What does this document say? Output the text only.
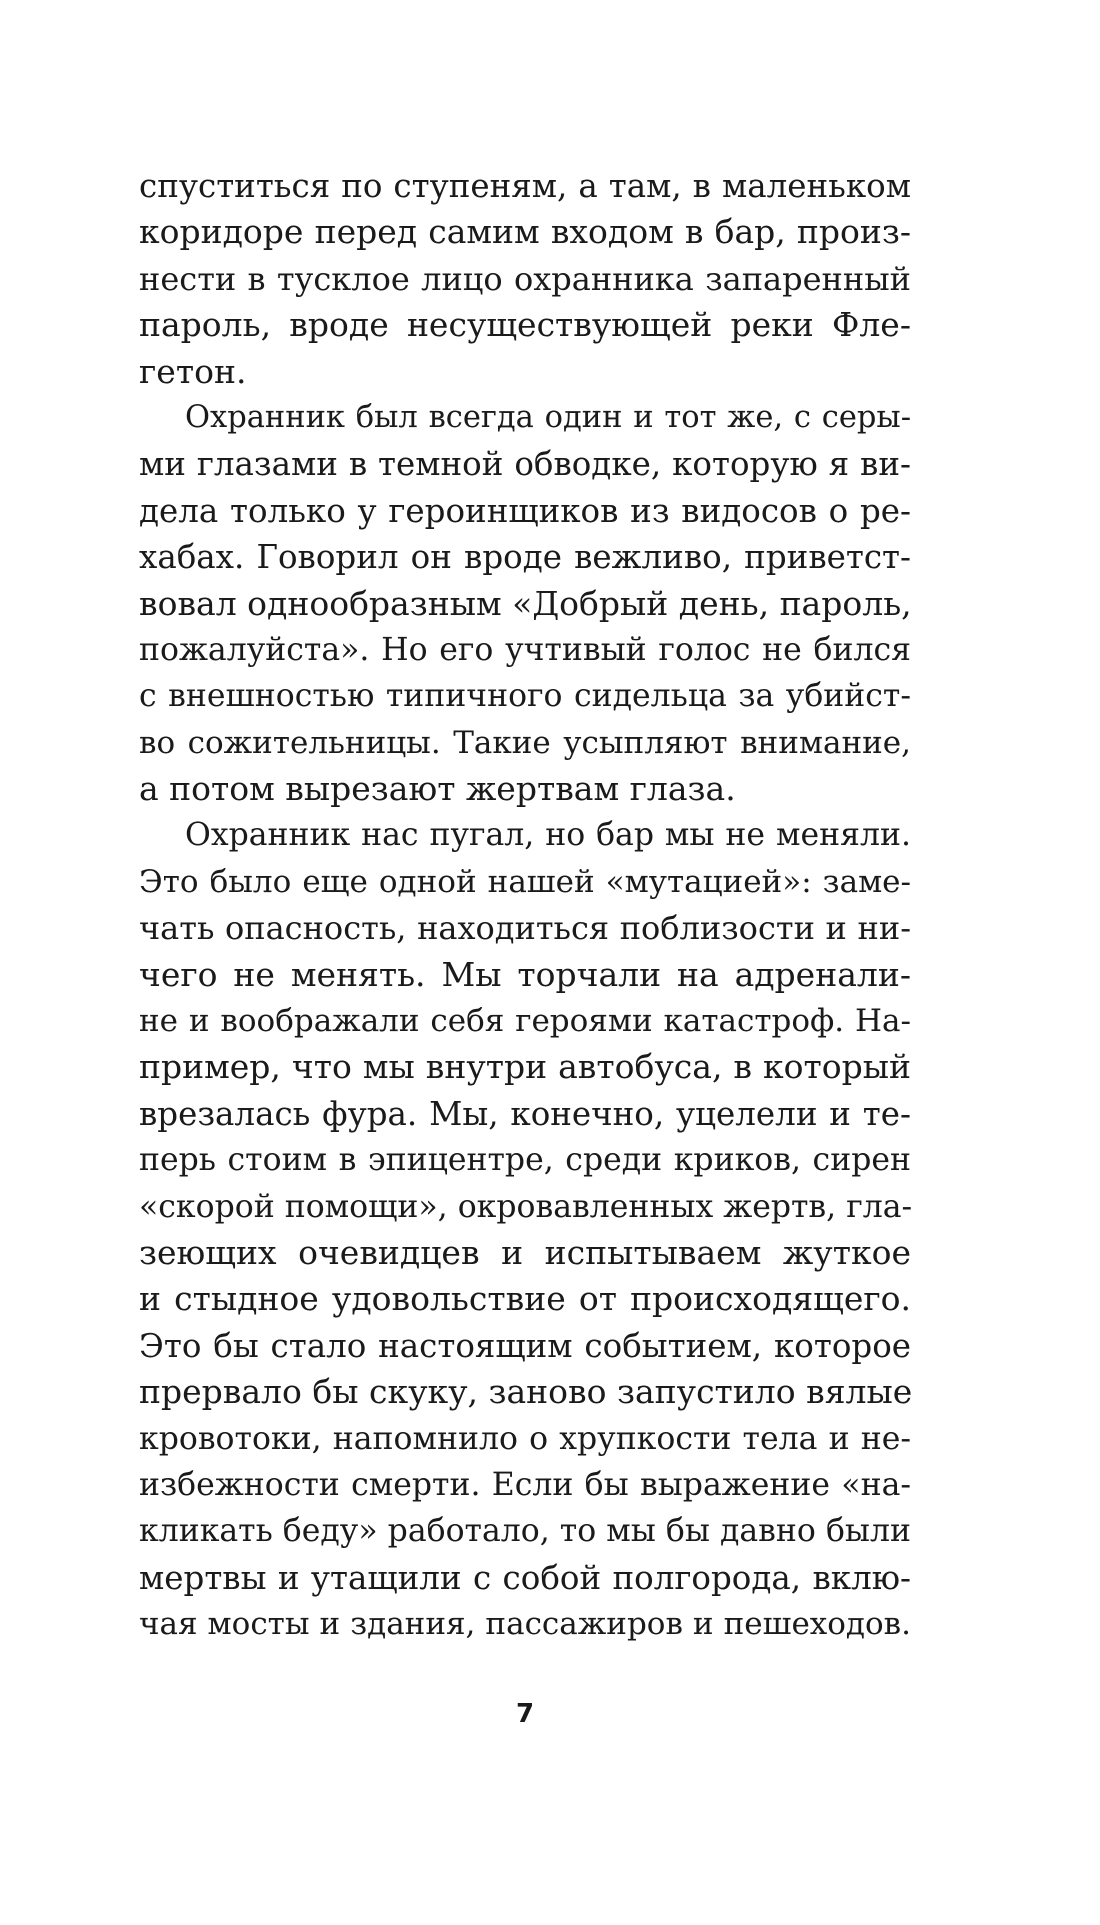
спуститься по ступеням, а там, в маленьком
коридоре перед самим входом в бар, произ-
нести в тусклое лицо охранника запаренный
пароль, вроде несуществующей реки Фле-
гетон.
Охранник был всегда один и тот же, с серы-
ми глазами в темной обводке, которую я ви-
дела только у героинщиков из видосов о ре-
хабах. Говорил он вроде вежливо, приветст-
вовал однообразным «Добрый день, пароль,
пожалуйста». Но его учтивый голос не бился
с внешностью типичного сидельца за убийст-
во сожительницы. Такие усыпляют внимание,
а потом вырезают жертвам глаза.
Охранник нас пугал, но бар мы не меняли.
Это было еще одной нашей «мутацией»: заме-
чать опасность, находиться поблизости и ни-
чего не менять. Мы торчали на адренали-
не и воображали себя героями катастроф. На-
пример, что мы внутри автобуса, в который
врезалась фура. Мы, конечно, уцелели и те-
перь стоим в эпицентре, среди криков, сирен
«скорой помощи», окровавленных жертв, гла-
зеющих очевидцев и испытываем жуткое
и стыдное удовольствие от происходящего.
Это бы стало настоящим событием, которое
прервало бы скуку, заново запустило вялые
кровотоки, напомнило о хрупкости тела и не-
избежности смерти. Если бы выражение «на-
кликать беду» работало, то мы бы давно были
мертвы и утащили с собой полгорода, вклю-
чая мосты и здания, пассажиров и пешеходов.
7
